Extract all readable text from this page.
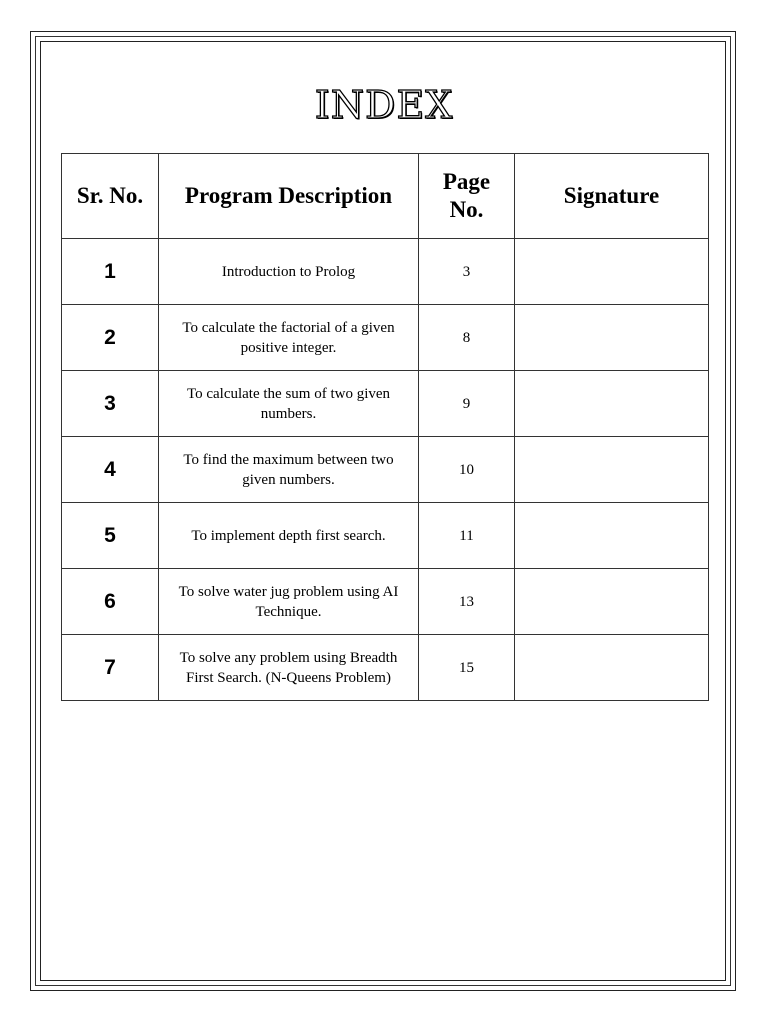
INDEX
Sr. No.	Program Description	Page No.	Signature
1	Introduction to Prolog	3	
2	To calculate the factorial of a given positive integer.	8	
3	To calculate the sum of two given numbers.	9	
4	To find the maximum between two given numbers.	10	
5	To implement depth first search.	11	
6	To solve water jug problem using AI Technique.	13	
7	To solve any problem using Breadth First Search. (N-Queens Problem)	15	
